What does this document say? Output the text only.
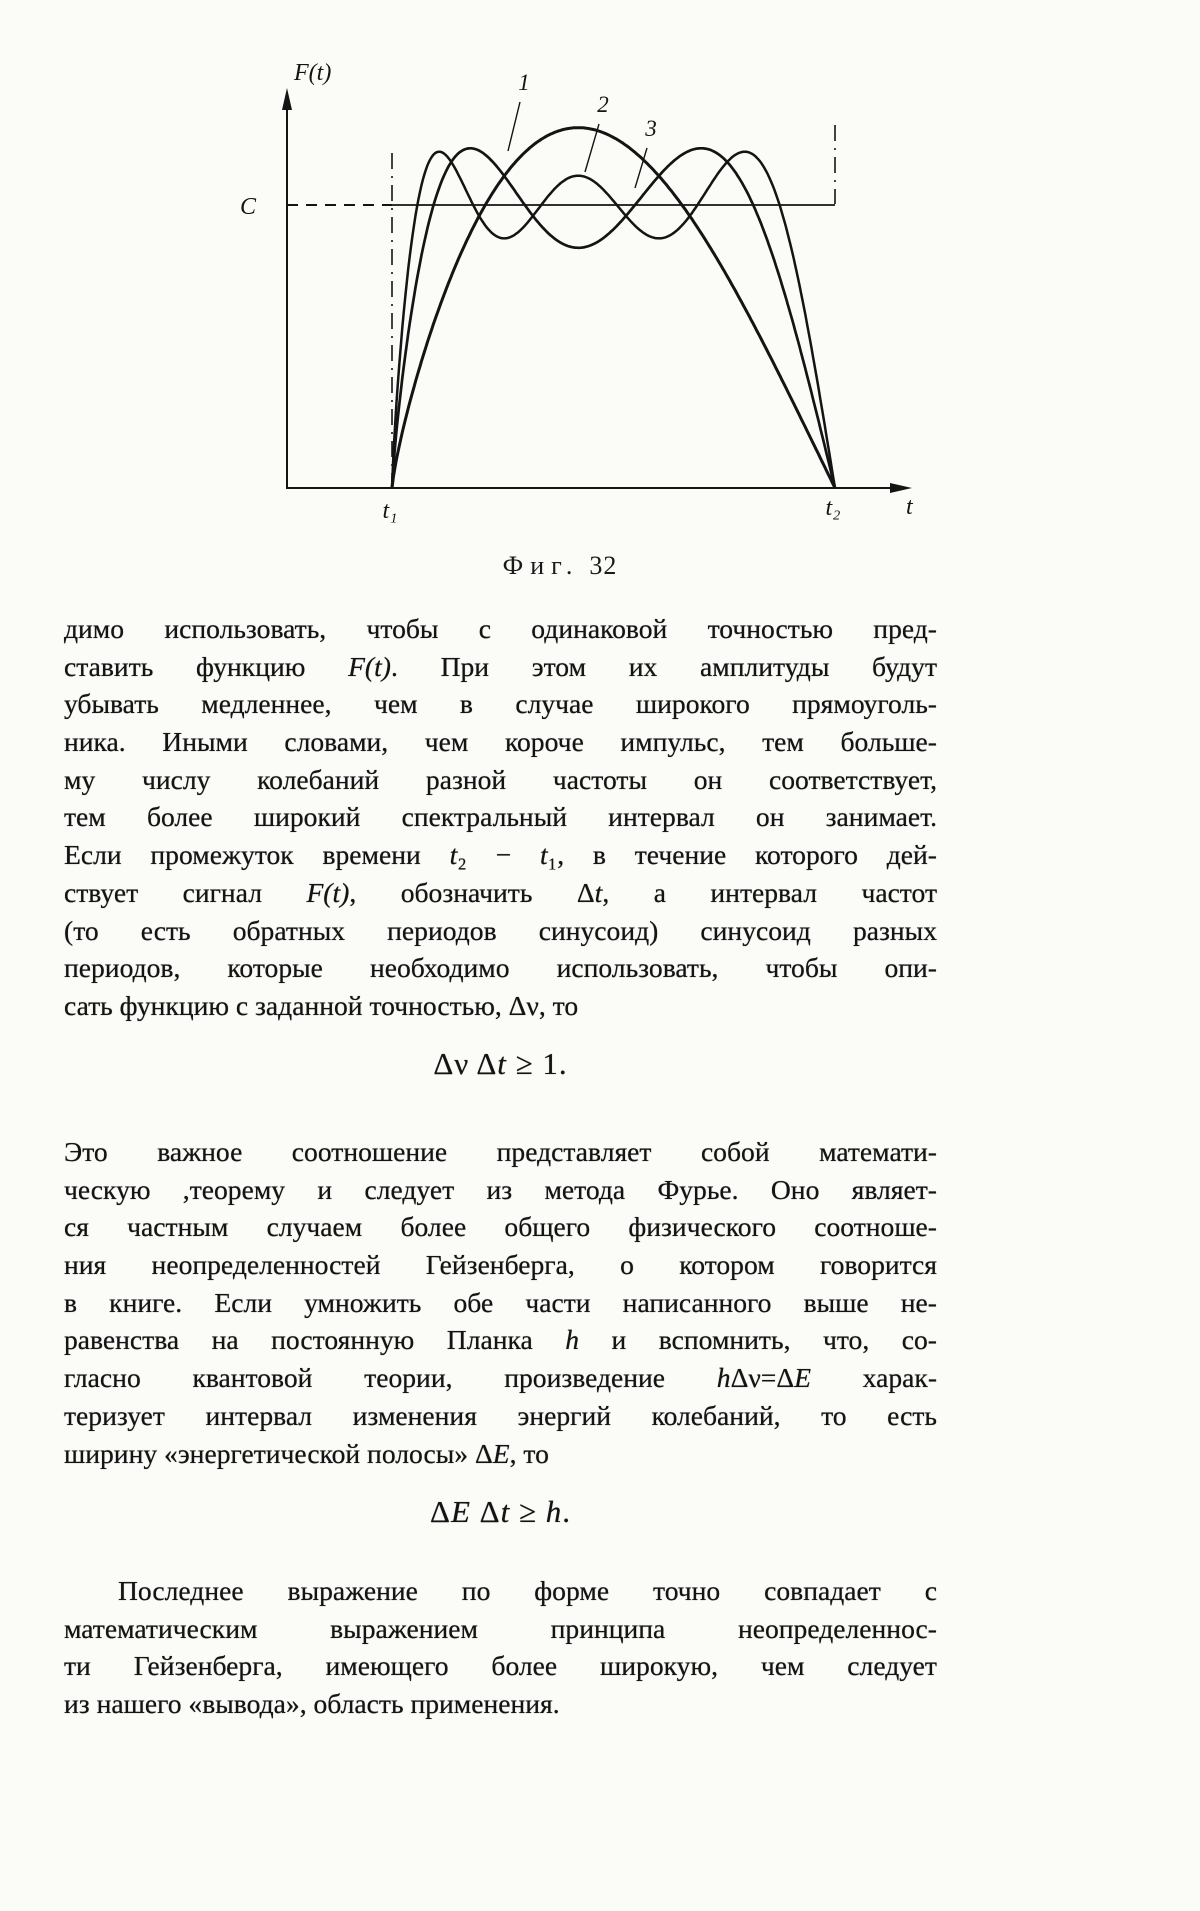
1
2
3
F(t)
C
t₁	t₂	t
Фиг. 32
димо использовать, чтобы с одинаковой точностью пред-
ставить функцию F(t). При этом их амплитуды будут
убывать медленнее, чем в случае широкого прямоуголь-
ника. Иными словами, чем короче импульс, тем больше-
му числу колебаний разной частоты он соответствует,
тем более широкий спектральный интервал он занимает.
Если промежуток времени t₂ − t₁, в течение которого дей-
ствует сигнал F(t), обозначить Δt, а интервал частот
(то есть обратных периодов синусоид) синусоид разных
периодов, которые необходимо использовать, чтобы опи-
сать функцию с заданной точностью, Δν, то
Δν Δt ≥ 1.
Это важное соотношение представляет собой математи-
ческую ,теорему и следует из метода Фурье. Оно являет-
ся частным случаем более общего физического соотноше-
ния неопределенностей Гейзенберга, о котором говорится
в книге. Если умножить обе части написанного выше не-
равенства на постоянную Планка h и вспомнить, что, со-
гласно квантовой теории, произведение hΔν=ΔE харак-
теризует интервал изменения энергий колебаний, то есть
ширину «энергетической полосы» ΔE, то
ΔE Δt ≥ h.
Последнее выражение по форме точно совпадает с
математическим выражением принципа неопределеннос-
ти Гейзенберга, имеющего более широкую, чем следует
из нашего «вывода», область применения.
